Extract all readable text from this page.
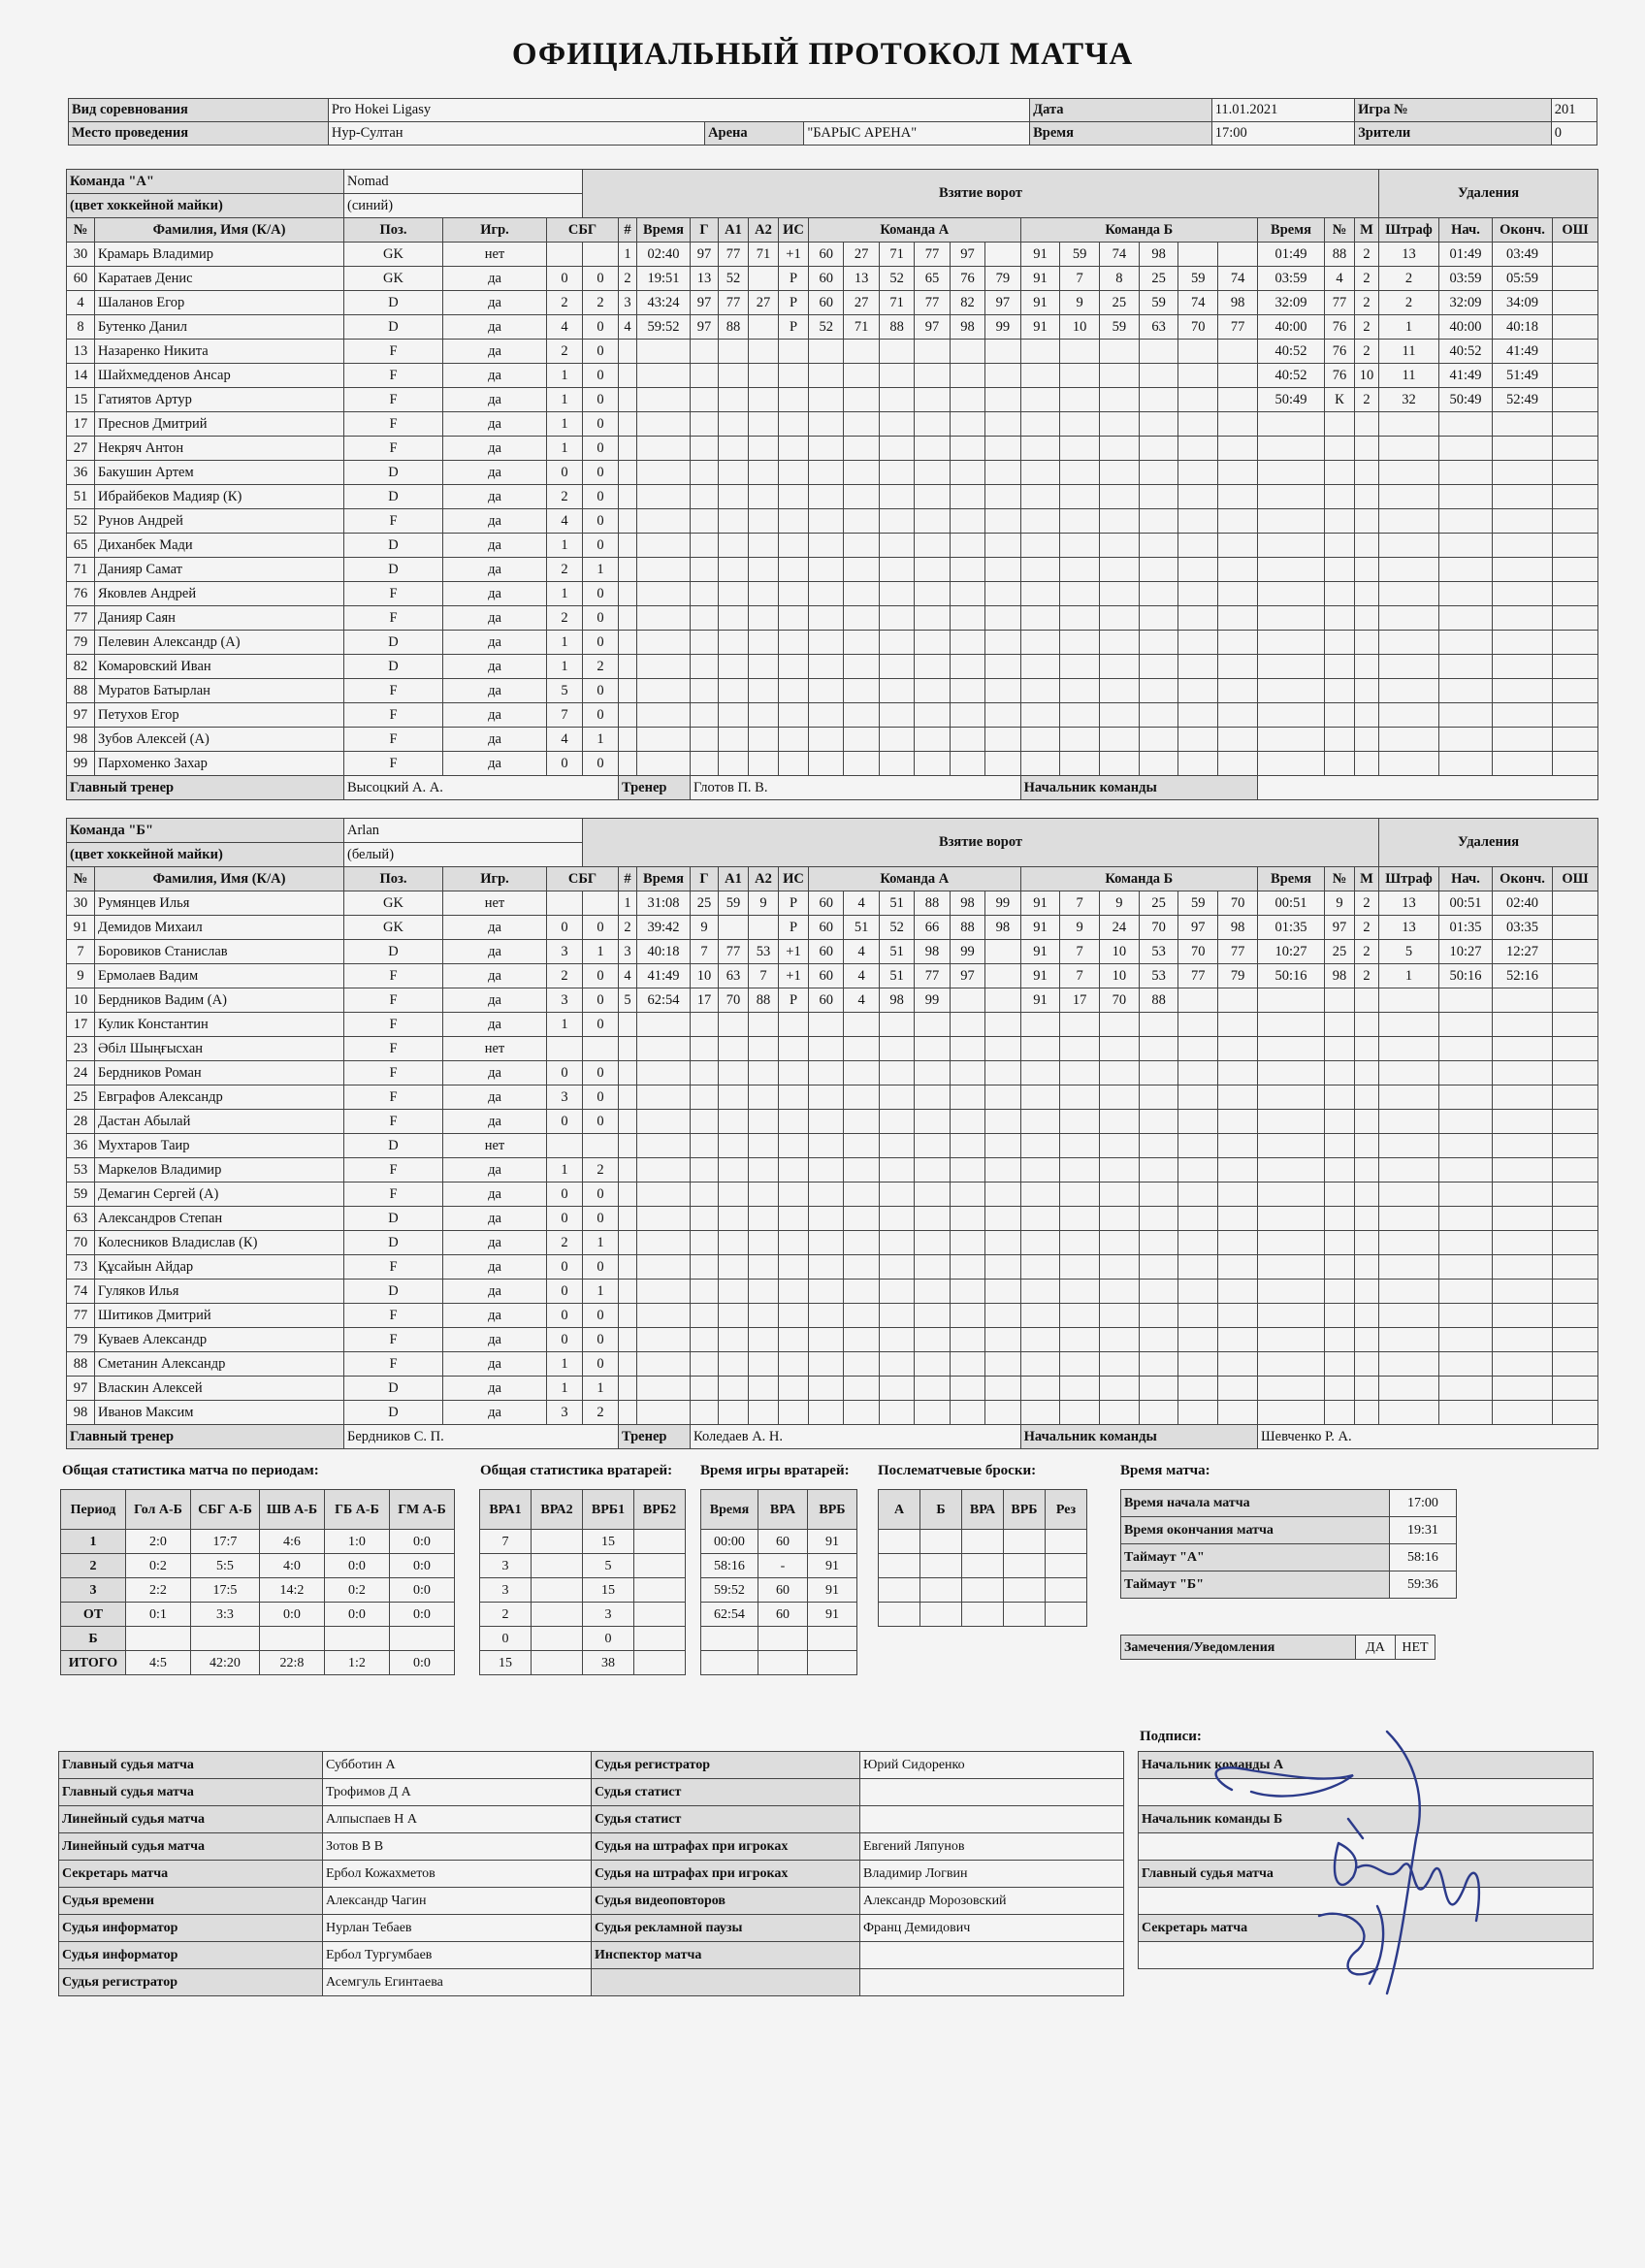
ОФИЦИАЛЬНЫЙ ПРОТОКОЛ МАТЧА
Вид соревнования	Pro Hokei Ligasy			Дата	11.01.2021	Игра №	201
Место проведения	Нур-Султан	Арена	"БАРЫС АРЕНА"	Время	17:00	Зрители	0
Команда "А"		Nomad			Взятие ворот																						Удаления			
(цвет хоккейной майки)		(синий)																												
№	Фамилия, Имя (К/А)	Поз.	Игр.	СБГ		#	Время	Г	А1	А2	ИС	Команда А						Команда Б						Время	№	М	Штраф	Нач.	Оконч.	ОШ
30	Крамарь Владимир	GK	нет			1	02:40	97	77	71	+1	60	27	71	77	97		91	59	74	98			01:49	88	2	13	01:49	03:49	
60	Каратаев Денис	GK	да	0	0	2	19:51	13	52		Р	60	13	52	65	76	79	91	7	8	25	59	74	03:59	4	2	2	03:59	05:59	
4	Шаланов Егор	D	да	2	2	3	43:24	97	77	27	Р	60	27	71	77	82	97	91	9	25	59	74	98	32:09	77	2	2	32:09	34:09	
8	Бутенко Данил	D	да	4	0	4	59:52	97	88		Р	52	71	88	97	98	99	91	10	59	63	70	77	40:00	76	2	1	40:00	40:18	
13	Назаренко Никита	F	да	2	0																			40:52	76	2	11	40:52	41:49	
14	Шайхмедденов Ансар	F	да	1	0																			40:52	76	10	11	41:49	51:49	
15	Гатиятов Артур	F	да	1	0																			50:49	К	2	32	50:49	52:49	
17	Преснов Дмитрий	F	да	1	0																									
27	Некряч Антон	F	да	1	0																									
36	Бакушин Артем	D	да	0	0																									
51	Ибрайбеков Мадияр (К)	D	да	2	0																									
52	Рунов Андрей	F	да	4	0																									
65	Диханбек Мади	D	да	1	0																									
71	Данияр Самат	D	да	2	1																									
76	Яковлев Андрей	F	да	1	0																									
77	Данияр Саян	F	да	2	0																									
79	Пелевин Александр (А)	D	да	1	0																									
82	Комаровский Иван	D	да	1	2																									
88	Муратов Батырлан	F	да	5	0																									
97	Петухов Егор	F	да	7	0																									
98	Зубов Алексей (А)	F	да	4	1																									
99	Пархоменко Захар	F	да	0	0																									
Главный тренер		Высоцкий А. А.				Тренер		Глотов П. В.										Начальник команды												
Команда "Б"		Arlan			Взятие ворот																						Удаления			
(цвет хоккейной майки)		(белый)																												
№	Фамилия, Имя (К/А)	Поз.	Игр.	СБГ		#	Время	Г	А1	А2	ИС	Команда А						Команда Б						Время	№	М	Штраф	Нач.	Оконч.	ОШ
30	Румянцев Илья	GK	нет			1	31:08	25	59	9	Р	60	4	51	88	98	99	91	7	9	25	59	70	00:51	9	2	13	00:51	02:40	
91	Демидов Михаил	GK	да	0	0	2	39:42	9			Р	60	51	52	66	88	98	91	9	24	70	97	98	01:35	97	2	13	01:35	03:35	
7	Боровиков Станислав	D	да	3	1	3	40:18	7	77	53	+1	60	4	51	98	99		91	7	10	53	70	77	10:27	25	2	5	10:27	12:27	
9	Ермолаев Вадим	F	да	2	0	4	41:49	10	63	7	+1	60	4	51	77	97		91	7	10	53	77	79	50:16	98	2	1	50:16	52:16	
10	Бердников Вадим (А)	F	да	3	0	5	62:54	17	70	88	Р	60	4	98	99			91	17	70	88									
17	Кулик Константин	F	да	1	0																									
23	Әбіл Шыңғысхан	F	нет																											
24	Бердников Роман	F	да	0	0																									
25	Евграфов Александр	F	да	3	0																									
28	Дастан Абылай	F	да	0	0																									
36	Мухтаров Таир	D	нет																											
53	Маркелов Владимир	F	да	1	2																									
59	Демагин Сергей (А)	F	да	0	0																									
63	Александров Степан	D	да	0	0																									
70	Колесников Владислав (К)	D	да	2	1																									
73	Құсайын Айдар	F	да	0	0																									
74	Гуляков Илья	D	да	0	1																									
77	Шитиков Дмитрий	F	да	0	0																									
79	Куваев Александр	F	да	0	0																									
88	Сметанин Александр	F	да	1	0																									
97	Власкин Алексей	D	да	1	1																									
98	Иванов Максим	D	да	3	2																									
Главный тренер		Бердников С. П.				Тренер		Коледаев А. Н.										Начальник команды						Шевченко Р. А.						
Общая статистика матча по периодам:
Период	Гол А-Б	СБГ А-Б	ШВ А-Б	ГБ А-Б	ГМ А-Б
1	2:0	17:7	4:6	1:0	0:0
2	0:2	5:5	4:0	0:0	0:0
3	2:2	17:5	14:2	0:2	0:0
ОТ	0:1	3:3	0:0	0:0	0:0
Б					
ИТОГО	4:5	42:20	22:8	1:2	0:0
Общая статистика вратарей:
ВРА1	ВРА2	ВРБ1	ВРБ2
7		15	
3		5	
3		15	
2		3	
0		0	
15		38	
Время игры вратарей:
Время	ВРА	ВРБ
00:00	60	91
58:16	-	91
59:52	60	91
62:54	60	91

Послематчевые броски:
А	Б	ВРА	ВРБ	Рез

Время матча:
Время начала матча	17:00
Время окончания матча	19:31
Таймаут "А"	58:16
Таймаут "Б"	59:36
Замечения/Уведомления	ДА	НЕТ
Главный судья матча	Субботин А	Судья регистратор	Юрий Сидоренко
Главный судья матча	Трофимов Д А	Судья статист	
Линейный судья матча	Алпыспаев Н А	Судья статист	
Линейный судья матча	Зотов В В	Судья на штрафах при игроках	Евгений Ляпунов
Секретарь матча	Ербол Кожахметов	Судья на штрафах при игроках	Владимир Логвин
Судья времени	Александр Чагин	Судья видеоповторов	Александр Морозовский
Судья информатор	Нурлан Тебаев	Судья рекламной паузы	Франц Демидович
Судья информатор	Ербол Тургумбаев	Инспектор матча	
Судья регистратор	Асемгуль Егинтаева		
Подписи:
Начальник команды А

Начальник команды Б

Главный судья матча

Секретарь матча
